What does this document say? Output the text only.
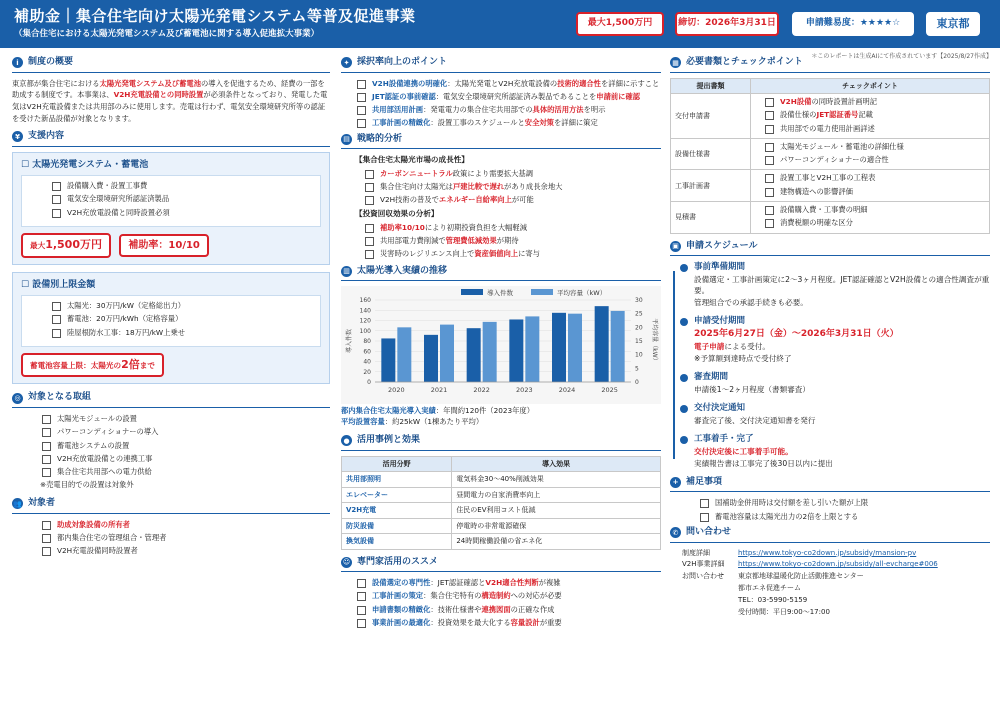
補助金｜集合住宅向け太陽光発電システム等普及促進事業
（集合住宅における太陽光発電システム及び蓄電池に関する導入促進拡大事業）
最大1,500万円	締切：2026年3月31日	申請難易度：★★★★☆	東京都
＊このレポートは生成AIにて作成されています【2025/8/27作成】
i	制度の概要
東京都が集合住宅における太陽光発電システム及び蓄電池の導入を促進するため、経費の一部を助成する制度です。本事業は、V2H充電設備との同時設置が必須条件となっており、発電した電気はV2H充電設備または共用部のみに使用します。売電は行わず、電気安全環境研究所等の認証を受けた新品設備が対象となります。
¥ 支援内容
☐ 太陽光発電システム・蓄電池
設備購入費・設置工事費
電気安全環境研究所認証済製品
V2H充放電設備と同時設置必須
最大1,500万円	補助率：10/10
☐ 設備別上限金額
太陽光：30万円/kW（定格総出力）
蓄電池：20万円/kWh（定格容量）
陸屋根防水工事：18万円/kW上乗せ
蓄電池容量上限：太陽光の2倍まで
◎ 対象となる取組
太陽光モジュールの設置
パワーコンディショナーの導入
蓄電池システムの設置
V2H充放電設備との連携工事
集合住宅共用部への電力供給
※売電目的での設置は対象外
👥 対象者
助成対象設備の所有者
都内集合住宅の管理組合・管理者
V2H充電設備同時設置者
✦ 採択率向上のポイント
V2H設備連携の明確化：太陽光発電とV2H充放電設備の技術的適合性を詳細に示すこと
JET認証の事前確認：電気安全環境研究所認証済み製品であることを申請前に確認
共用部活用計画：発電電力の集合住宅共用部での具体的活用方法を明示
工事計画の精緻化：設置工事のスケジュールと安全対策を詳細に策定
▤ 戦略的分析
【集合住宅太陽光市場の成長性】
カーボンニュートラル政策により需要拡大基調
集合住宅向け太陽光は戸建比較で遅れがあり成長余地大
V2H技術の普及でエネルギー自給率向上が可能
【投資回収効果の分析】
補助率10/10により初期投資負担を大幅軽減
共用部電力費削減で管理費低減効果が期待
災害時のレジリエンス向上で資産価値向上に寄与
▥ 太陽光導入実績の推移
導入件数	平均容量（kW）
0
20
40
60
80
100
120
140
160
0
5
10
15
20
25
30
導入件数	平均容量（kW）
2020	2021	2022	2023	2024	2025
都内集合住宅太陽光導入実績：年間約120件（2023年度）
平均設置容量：約25kW（1棟あたり平均）
● 活用事例と効果
活用分野	導入効果
共用部照明	電気料金30～40%削減効果
エレベーター	昼間電力の自家消費率向上
V2H充電	住民のEV利用コスト低減
防災設備	停電時の非常電源確保
換気設備	24時間稼働設備の省エネ化
☺ 専門家活用のススメ
設備選定の専門性：JET認証確認とV2H適合性判断が複雑
工事計画の策定：集合住宅特有の構造制約への対応が必要
申請書類の精緻化：技術仕様書や連携図面の正確な作成
事業計画の最適化：投資効果を最大化する容量設計が重要
▦ 必要書類とチェックポイント
提出書類	チェックポイント
交付申請書	V2H設備の同時設置計画明記
設備仕様のJET認証番号記載
共用部での電力使用計画詳述

設備仕様書	太陽光モジュール・蓄電池の詳細仕様
パワーコンディショナーの適合性

工事計画書	設置工事とV2H工事の工程表
建物構造への影響評価

見積書	設備購入費・工事費の明細
消費税額の明確な区分
▣ 申請スケジュール
事前準備期間
設備選定・工事計画策定に2～3ヶ月程度。JET認証確認とV2H設備との適合性調査が重要。
管理組合での承認手続きも必要。
申請受付期間
2025年6月27日（金）～2026年3月31日（火）
電子申請による受付。
※予算額到達時点で受付終了
審査期間
申請後1～2ヶ月程度（書類審査）
交付決定通知
審査完了後、交付決定通知書を発行
工事着手・完了
交付決定後に工事着手可能。
実績報告書は工事完了後30日以内に提出
+ 補足事項
国補助金併用時は交付額を差し引いた額が上限
蓄電池容量は太陽光出力の2倍を上限とする
✆ 問い合わせ
制度詳細	https://www.tokyo-co2down.jp/subsidy/mansion-pv
V2H事業詳細	https://www.tokyo-co2down.jp/subsidy/all-evcharge#006
お問い合わせ	東京都地球温暖化防止活動推進センター
都市エネ促進チーム
TEL：03-5990-5159
受付時間：平日9:00～17:00
